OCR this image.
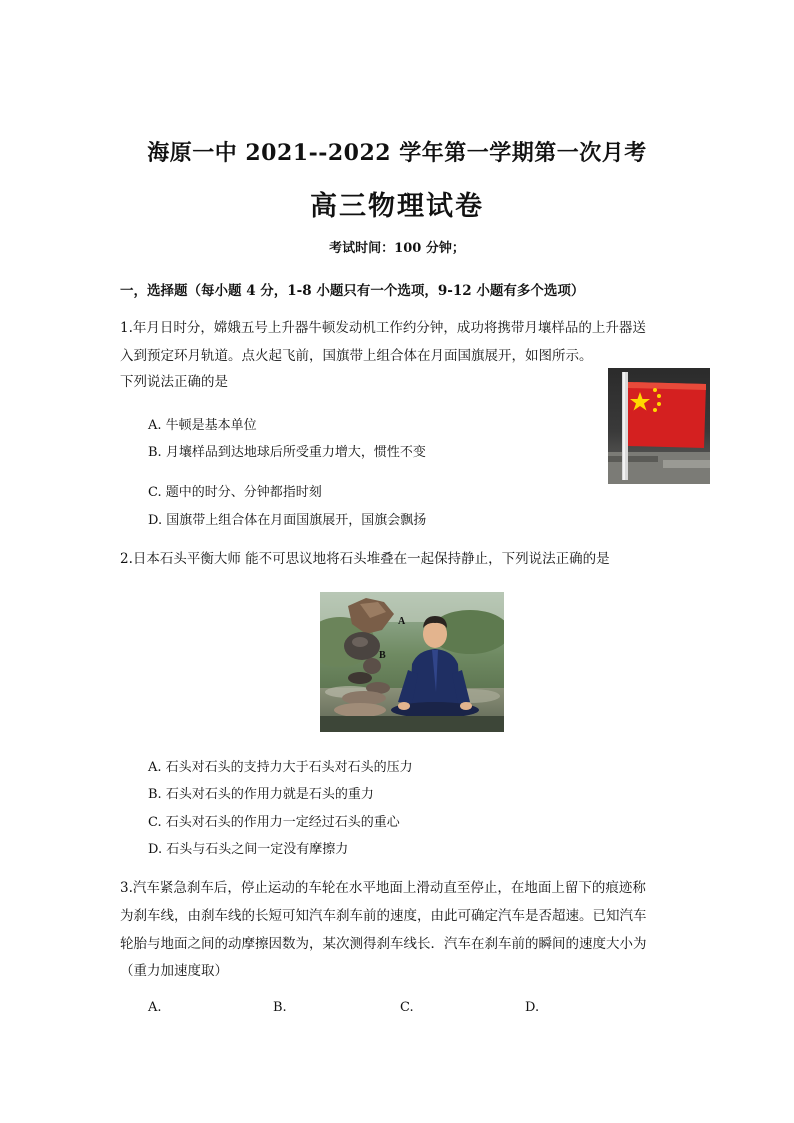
海原一中 2021--2022 学年第一学期第一次月考
高三物理试卷
考试时间：100 分钟；
一，选择题（每小题 4 分，1-8 小题只有一个选项，9-12 小题有多个选项）
1.年月日时分，嫦娥五号上升器牛顿发动机工作约分钟，成功将携带月壤样品的上升器送
入到预定环月轨道。点火起飞前，国旗带上组合体在月面国旗展开，如图所示。
下列说法正确的是
A. 牛顿是基本单位
B. 月壤样品到达地球后所受重力增大，惯性不变
C. 题中的时分、分钟都指时刻
D. 国旗带上组合体在月面国旗展开，国旗会飘扬
2.日本石头平衡大师 能不可思议地将石头堆叠在一起保持静止，下列说法正确的是
A
B
A. 石头对石头的支持力大于石头对石头的压力
B. 石头对石头的作用力就是石头的重力
C. 石头对石头的作用力一定经过石头的重心
D. 石头与石头之间一定没有摩擦力
3.汽车紧急刹车后，停止运动的车轮在水平地面上滑动直至停止，在地面上留下的痕迹称
为刹车线，由刹车线的长短可知汽车刹车前的速度，由此可确定汽车是否超速。已知汽车
轮胎与地面之间的动摩擦因数为，某次测得刹车线长．汽车在刹车前的瞬间的速度大小为
（重力加速度取）
A.	B.	C.	D.
